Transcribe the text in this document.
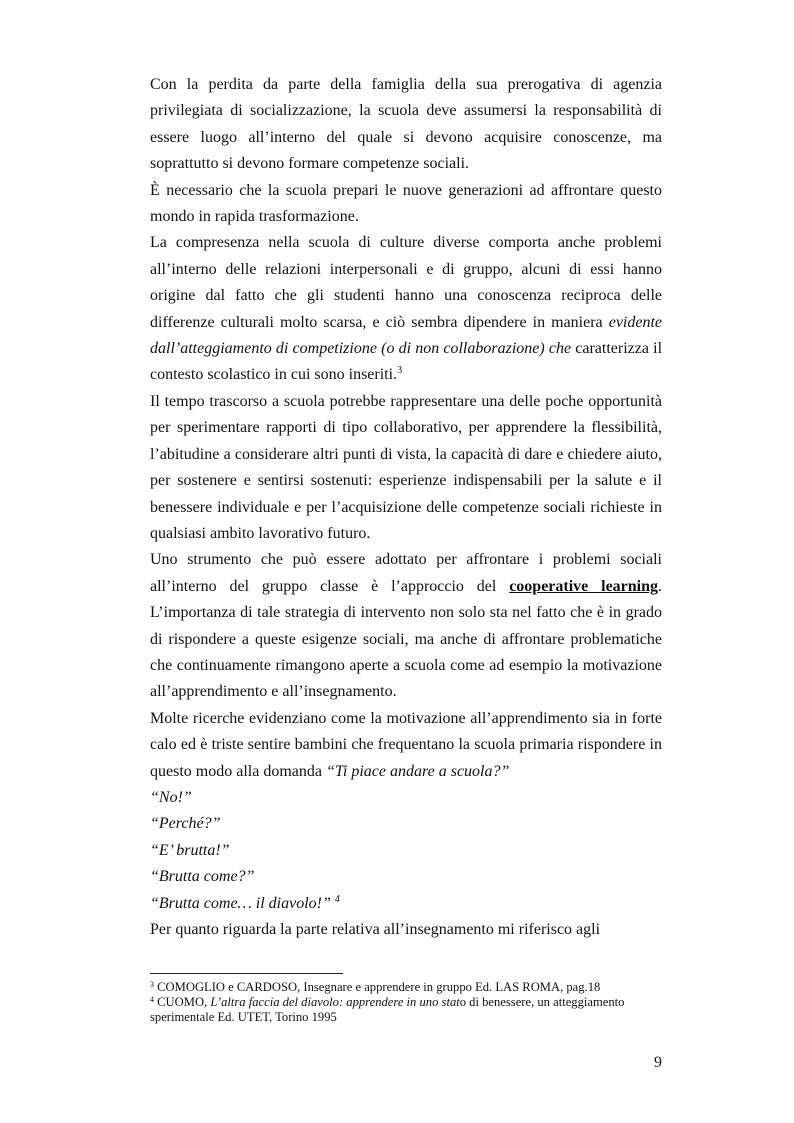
Con la perdita da parte della famiglia della sua prerogativa di agenzia privilegiata di socializzazione, la scuola deve assumersi la responsabilità di essere luogo all’interno del quale si devono acquisire conoscenze, ma soprattutto si devono formare competenze sociali.

È necessario che la scuola prepari le nuove generazioni ad affrontare questo mondo in rapida trasformazione.

La compresenza nella scuola di culture diverse comporta anche problemi all’interno delle relazioni interpersonali e di gruppo, alcuni di essi hanno origine dal fatto che gli studenti hanno una conoscenza reciproca delle differenze culturali molto scarsa, e ciò sembra dipendere in maniera evidente dall’atteggiamento di competizione (o di non collaborazione) che caratterizza il contesto scolastico in cui sono inseriti.$^3$

Il tempo trascorso a scuola potrebbe rappresentare una delle poche opportunità per sperimentare rapporti di tipo collaborativo, per apprendere la flessibilità, l’abitudine a considerare altri punti di vista, la capacità di dare e chiedere aiuto, per sostenere e sentirsi sostenuti: esperienze indispensabili per la salute e il benessere individuale e per l’acquisizione delle competenze sociali richieste in qualsiasi ambito lavorativo futuro.

Uno strumento che può essere adottato per affrontare i problemi sociali all’interno del gruppo classe è l’approccio del cooperative learning. L’importanza di tale strategia di intervento non solo sta nel fatto che è in grado di rispondere a queste esigenze sociali, ma anche di affrontare problematiche che continuamente rimangono aperte a scuola come ad esempio la motivazione all’apprendimento e all’insegnamento.

Molte ricerche evidenziano come la motivazione all’apprendimento sia in forte calo ed è triste sentire bambini che frequentano la scuola primaria rispondere in questo modo alla domanda “Ti piace andare a scuola?”

“No!”

“Perché?”

“E’ brutta!”

“Brutta come?”

“Brutta come… il diavolo!” $^4$

Per quanto riguarda la parte relativa all’insegnamento mi riferisco agli

$^3$ COMOGLIO e CARDOSO, Insegnare e apprendere in gruppo Ed. LAS ROMA, pag.18

$^4$ CUOMO, L’altra faccia del diavolo: apprendere in uno stato di benessere, un atteggiamento sperimentale Ed. UTET, Torino 1995

9
